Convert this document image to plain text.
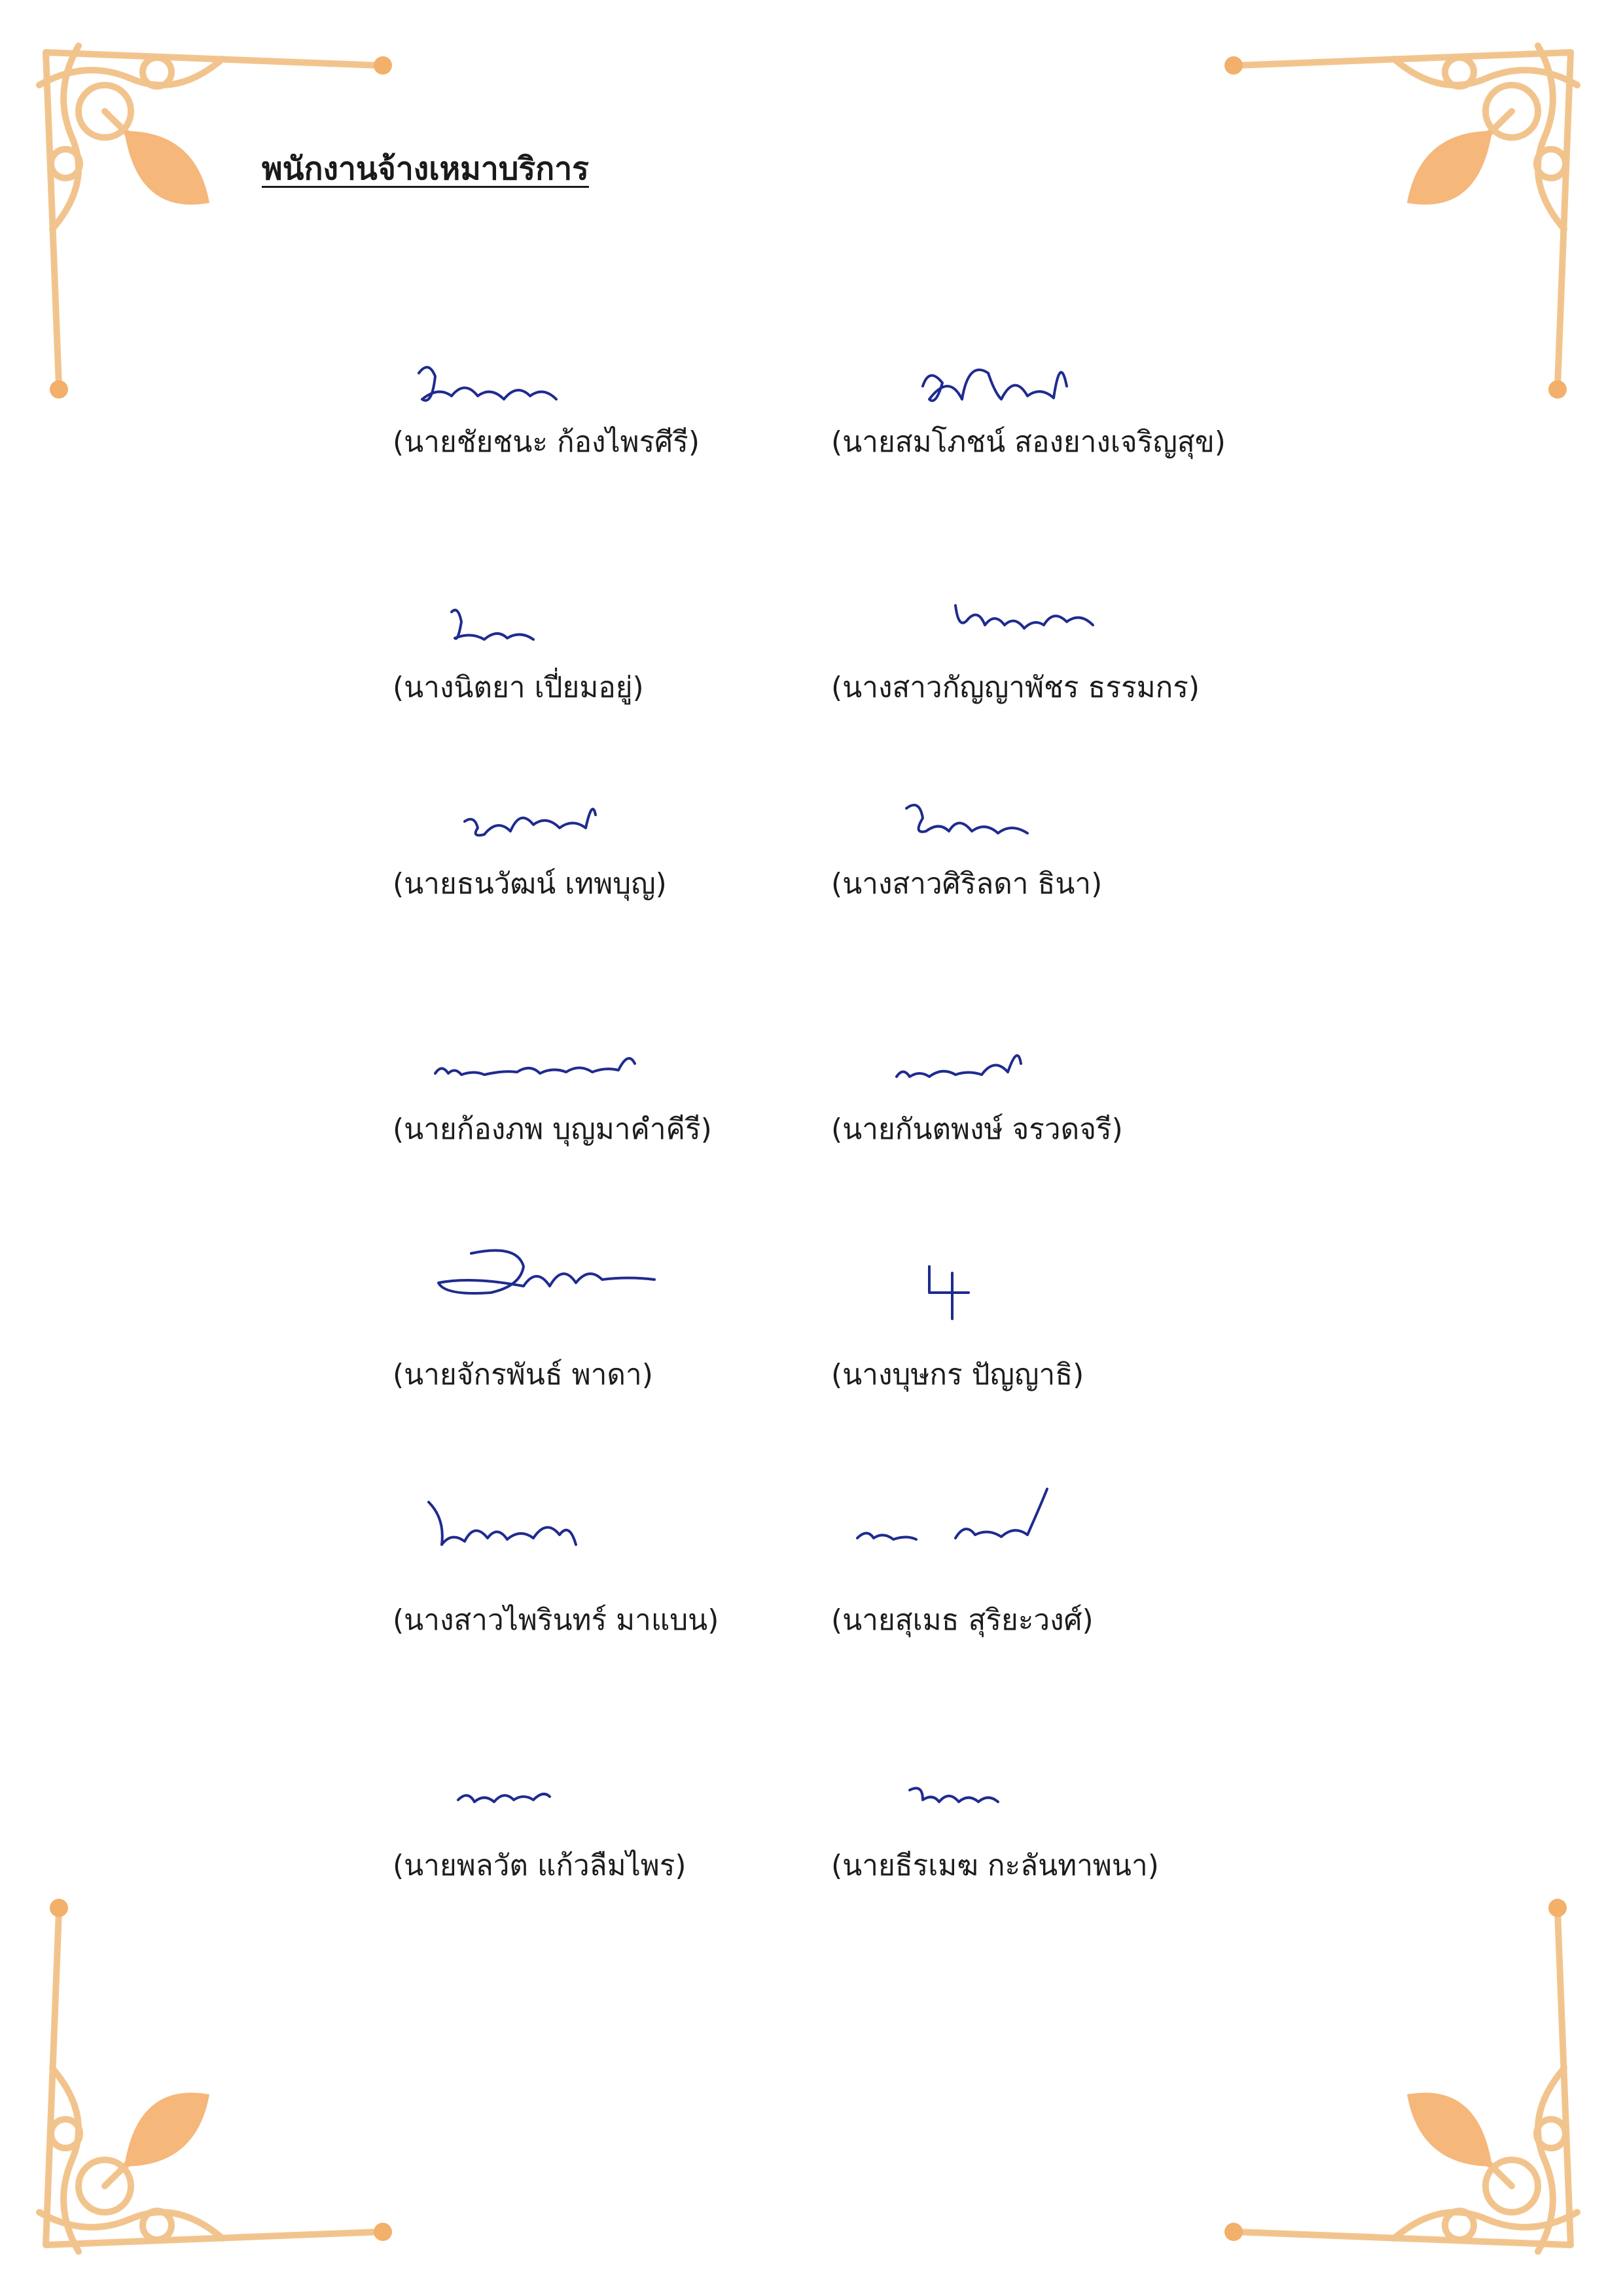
พนักงานจ้างเหมาบริการ
(นายชัยชนะ ก้องไพรศีรี)	(นายสมโภชน์ สองยางเจริญสุข)
(นางนิตยา เปี่ยมอยู่)	(นางสาวกัญญาพัชร ธรรมกร)
(นายธนวัฒน์ เทพบุญ)	(นางสาวศิริลดา ธินา)
(นายก้องภพ บุญมาคำคีรี)	(นายกันตพงษ์ จรวดจรี)
(นายจักรพันธ์ พาดา)	(นางบุษกร ปัญญาธิ)
(นางสาวไพรินทร์ มาแบน)	(นายสุเมธ สุริยะวงศ์)
(นายพลวัต แก้วลืมไพร)	(นายธีรเมฆ กะลันทาพนา)
